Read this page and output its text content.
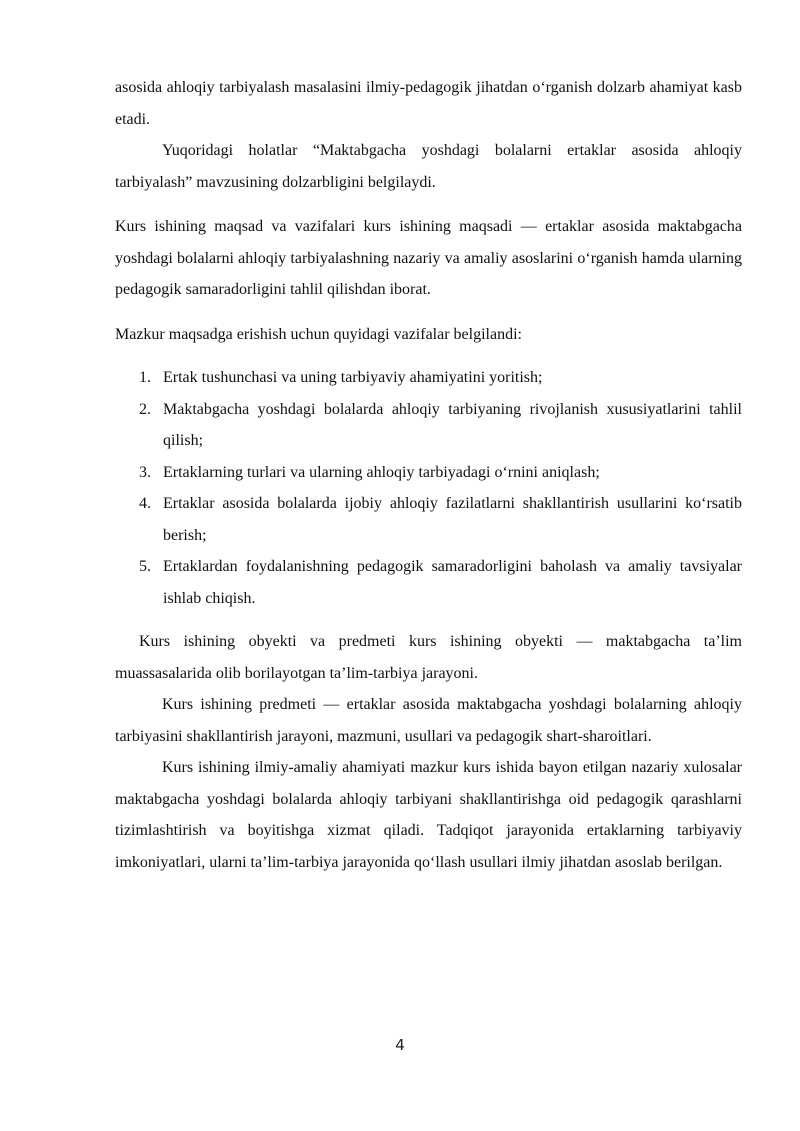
asosida ahloqiy tarbiyalash masalasini ilmiy-pedagogik jihatdan o‘rganish dolzarb ahamiyat kasb etadi.

Yuqoridagi holatlar “Maktabgacha yoshdagi bolalarni ertaklar asosida ahloqiy tarbiyalash” mavzusining dolzarbligini belgilaydi.

Kurs ishining maqsad va vazifalari kurs ishining maqsadi — ertaklar asosida maktabgacha yoshdagi bolalarni ahloqiy tarbiyalashning nazariy va amaliy asoslarini o‘rganish hamda ularning pedagogik samaradorligini tahlil qilishdan iborat.

Mazkur maqsadga erishish uchun quyidagi vazifalar belgilandi:

1. Ertak tushunchasi va uning tarbiyaviy ahamiyatini yoritish;
2. Maktabgacha yoshdagi bolalarda ahloqiy tarbiyaning rivojlanish xususiyatlarini tahlil qilish;
3. Ertaklarning turlari va ularning ahloqiy tarbiyadagi o‘rnini aniqlash;
4. Ertaklar asosida bolalarda ijobiy ahloqiy fazilatlarni shakllantirish usullarini ko‘rsatib berish;
5. Ertaklardan foydalanishning pedagogik samaradorligini baholash va amaliy tavsiyalar ishlab chiqish.

Kurs ishining obyekti va predmeti kurs ishining obyekti — maktabgacha ta’lim muassasalarida olib borilayotgan ta’lim-tarbiya jarayoni.

Kurs ishining predmeti — ertaklar asosida maktabgacha yoshdagi bolalarning ahloqiy tarbiyasini shakllantirish jarayoni, mazmuni, usullari va pedagogik shart-sharoitlari.

Kurs ishining ilmiy-amaliy ahamiyati mazkur kurs ishida bayon etilgan nazariy xulosalar maktabgacha yoshdagi bolalarda ahloqiy tarbiyani shakllantirishga oid pedagogik qarashlarni tizimlashtirish va boyitishga xizmat qiladi. Tadqiqot jarayonida ertaklarning tarbiyaviy imkoniyatlari, ularni ta’lim-tarbiya jarayonida qo‘llash usullari ilmiy jihatdan asoslab berilgan.

4
